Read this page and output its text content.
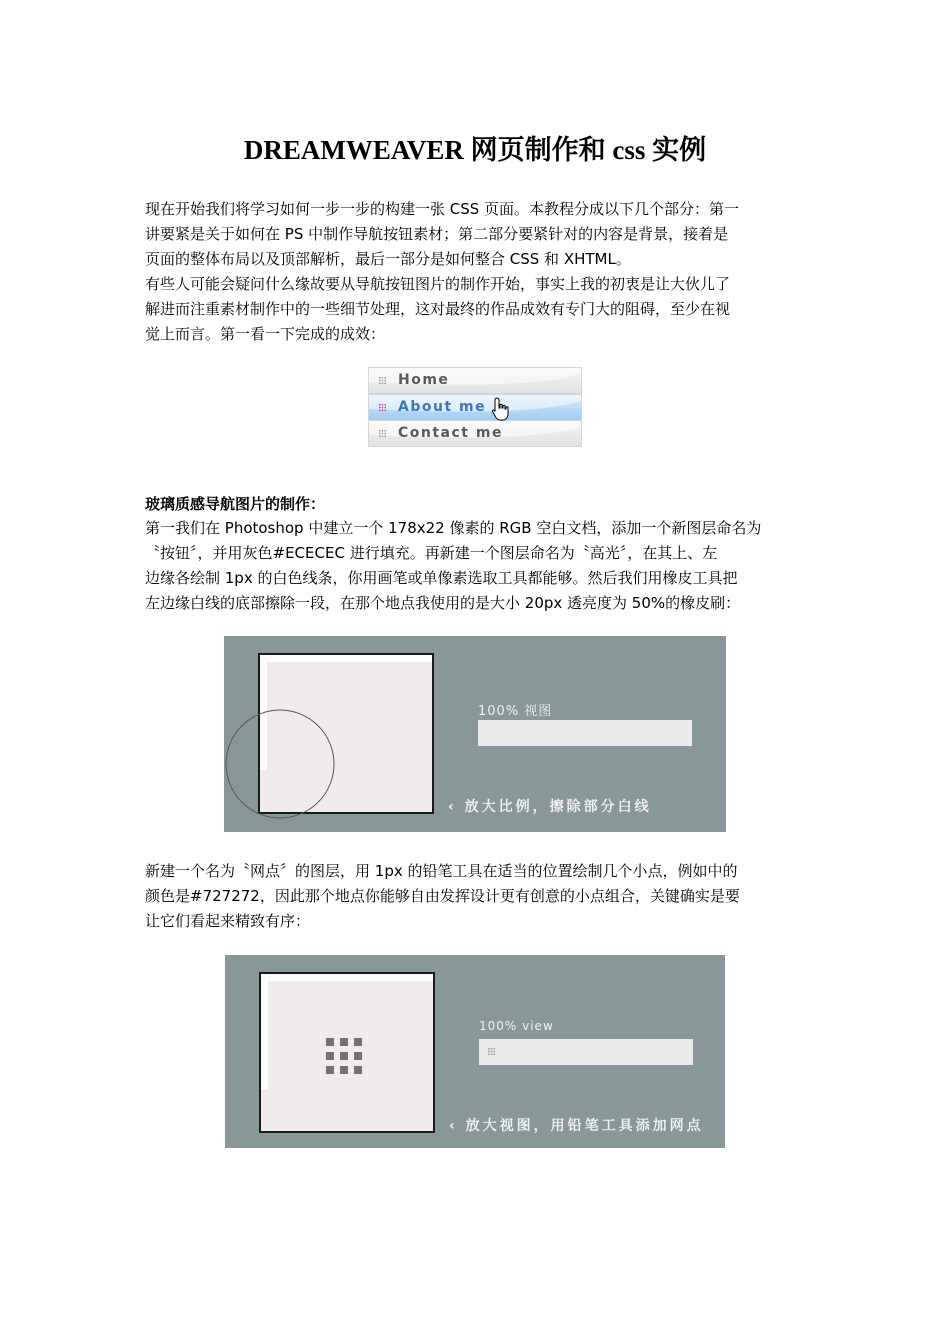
DREAMWEAVER 网页制作和 css 实例
现在开始我们将学习如何一步一步的构建一张 CSS 页面。本教程分成以下几个部分：第一
讲要紧是关于如何在 PS 中制作导航按钮素材；第二部分要紧针对的内容是背景，接着是
页面的整体布局以及顶部解析，最后一部分是如何整合 CSS 和 XHTML。
有些人可能会疑问什么缘故要从导航按钮图片的制作开始，事实上我的初衷是让大伙儿了
解进而注重素材制作中的一些细节处理，这对最终的作品成效有专门大的阻碍，至少在视
觉上而言。第一看一下完成的成效：
Home
About me
Contact me
玻璃质感导航图片的制作：
第一我们在 Photoshop 中建立一个 178x22 像素的 RGB 空白文档，添加一个新图层命名为
〝按钮〞，并用灰色#ECECEC 进行填充。再新建一个图层命名为〝高光〞，在其上、左
边缘各绘制 1px 的白色线条，你用画笔或单像素选取工具都能够。然后我们用橡皮工具把
左边缘白线的底部擦除一段，在那个地点我使用的是大小 20px 透亮度为 50%的橡皮刷：
100% 视图
‹ 放大比例，擦除部分白线
新建一个名为〝网点〞的图层，用 1px 的铅笔工具在适当的位置绘制几个小点，例如中的
颜色是#727272，因此那个地点你能够自由发挥设计更有创意的小点组合，关键确实是要
让它们看起来精致有序：
100% view
‹ 放大视图，用铅笔工具添加网点
